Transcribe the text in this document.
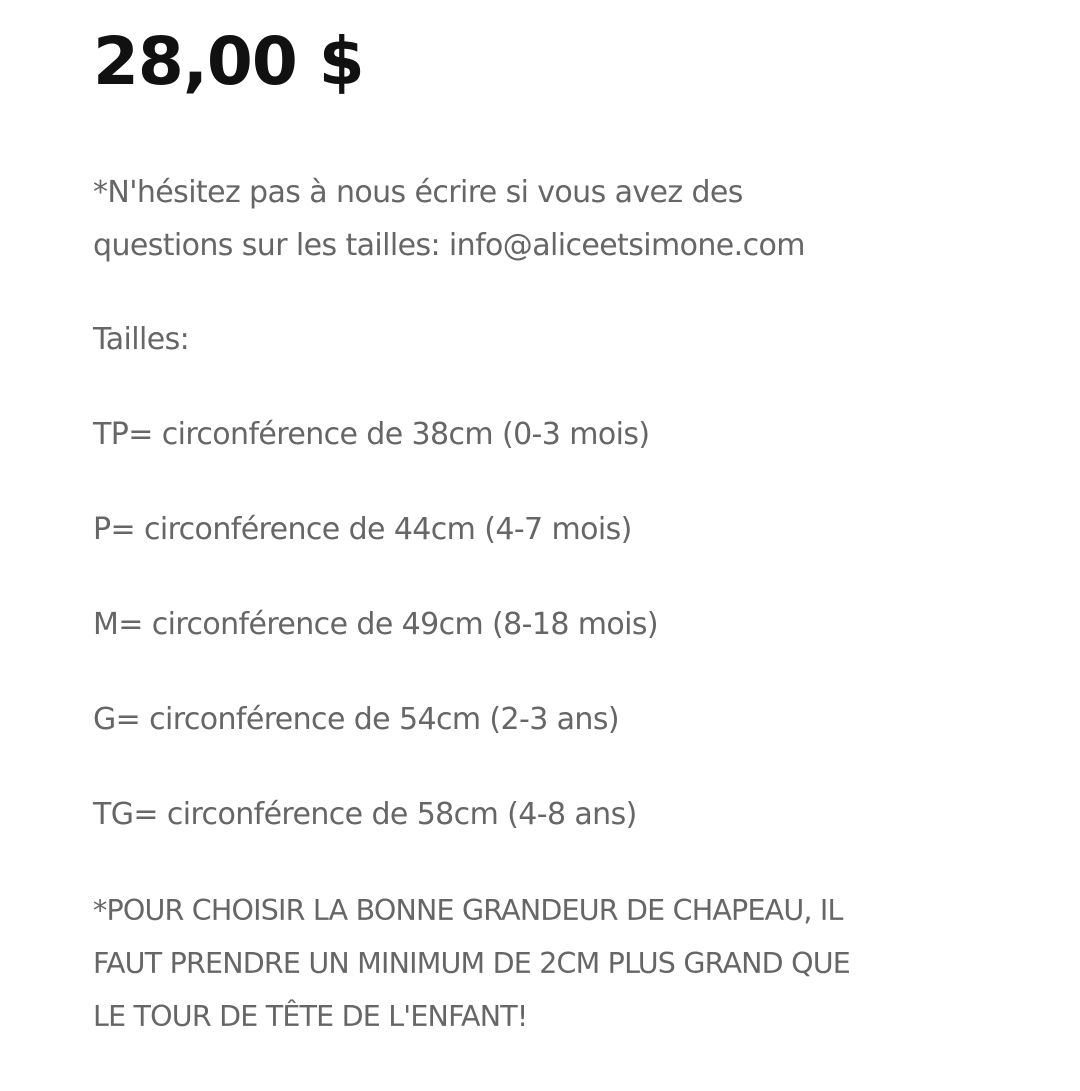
28,00 $

*N'hésitez pas à nous écrire si vous avez des
questions sur les tailles: info@aliceetsimone.com

Tailles:

TP= circonférence de 38cm (0-3 mois)

P= circonférence de 44cm (4-7 mois)

M= circonférence de 49cm (8-18 mois)

G= circonférence de 54cm (2-3 ans)

TG= circonférence de 58cm (4-8 ans)

*POUR CHOISIR LA BONNE GRANDEUR DE CHAPEAU, IL
FAUT PRENDRE UN MINIMUM DE 2CM PLUS GRAND QUE
LE TOUR DE TÊTE DE L'ENFANT!
